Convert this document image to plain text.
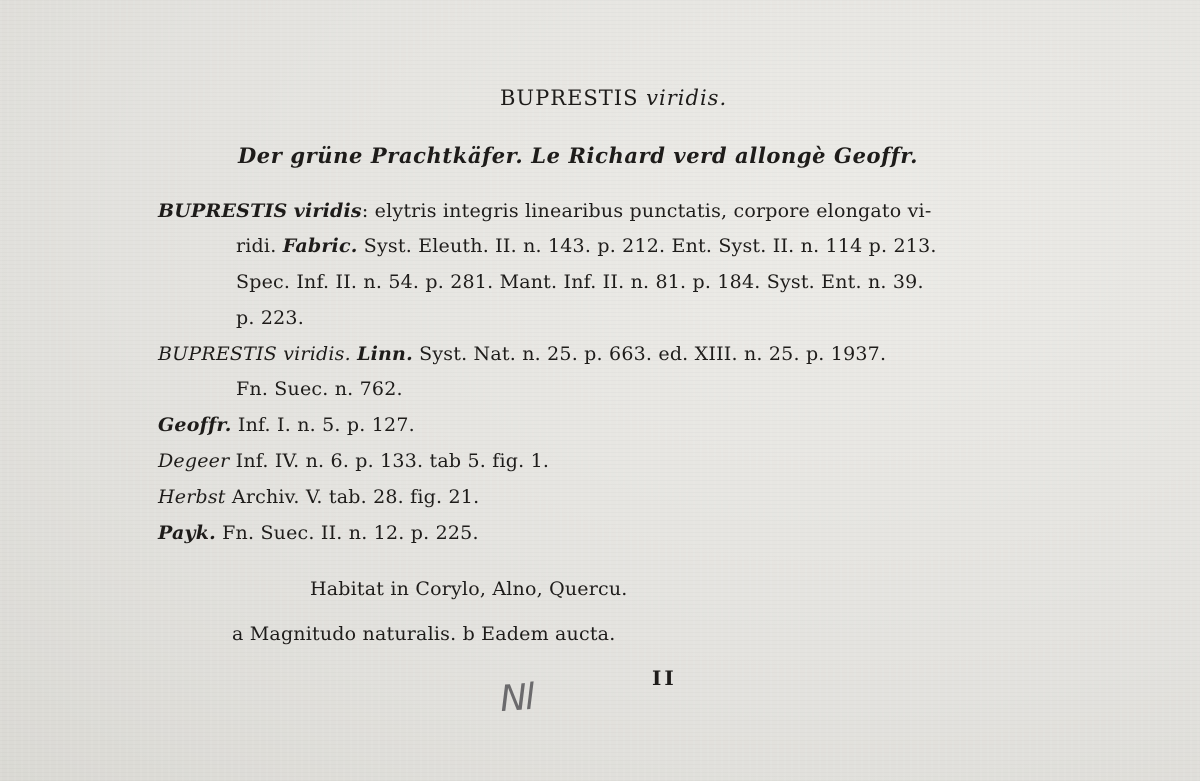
BUPRESTIS viridis.
Der grüne Prachtkäfer. Le Richard verd allongè Geoffr.
BUPRESTIS viridis: elytris integris linearibus punctatis, corpore elongato vi-
ridi. Fabric. Syst. Eleuth. II. n. 143. p. 212. Ent. Syst. II. n. 114 p. 213.
Spec. Inf. II. n. 54. p. 281. Mant. Inf. II. n. 81. p. 184. Syst. Ent. n. 39.
p. 223.
BUPRESTIS viridis. Linn. Syst. Nat. n. 25. p. 663. ed. XIII. n. 25. p. 1937.
Fn. Suec. n. 762.
Geoffr. Inf. I. n. 5. p. 127.
Degeer Inf. IV. n. 6. p. 133. tab 5. fig. 1.
Herbst Archiv. V. tab. 28. fig. 21.
Payk. Fn. Suec. II. n. 12. p. 225.
Habitat in Corylo, Alno, Quercu.
a Magnitudo naturalis. b Eadem aucta.
Nl	II
